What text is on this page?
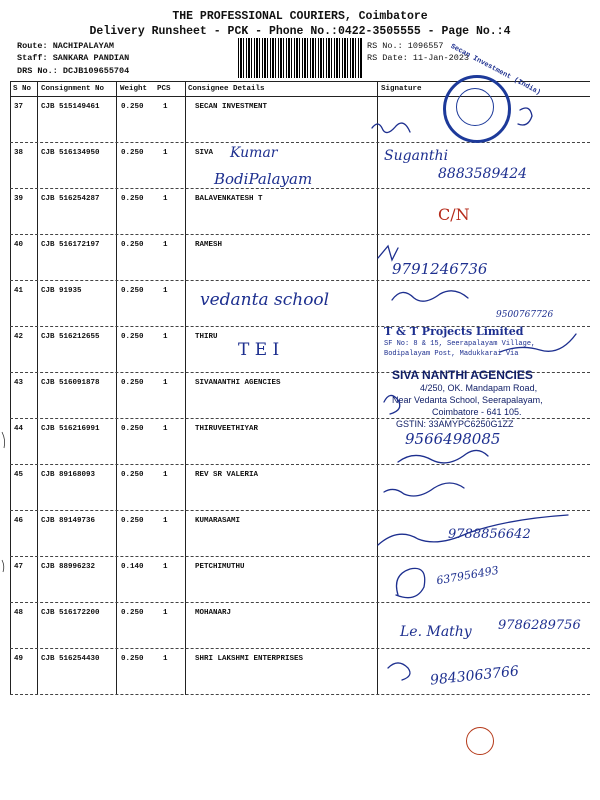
THE PROFESSIONAL COURIERS, Coimbatore
Delivery Runsheet - PCK - Phone No.:0422-3505555 - Page No.:4
Route: NACHIPALAYAM
Staff: SANKARA PANDIAN
DRS No.: DCJB109655704
RS No.: 1096557
RS Date: 11-Jan-2023
S No Consignment No Weight PCS Consignee Details	Signature
37 CJB 515149461	0.250	1	SECAN INVESTMENT
38 CJB 516134950	0.250	1	SIVA
39 CJB 516254287	0.250	1	BALAVENKATESH T
40 CJB 516172197	0.250	1	RAMESH
41 CJB 91935	0.250	1
42 CJB 516212655	0.250	1	THIRU
43 CJB 516091878	0.250	1	SIVANANTHI AGENCIES
44 CJB 516216991	0.250	1	THIRUVEETHIYAR
45 CJB 89168093	0.250	1	REV SR VALERIA
46 CJB 89149736	0.250	1	KUMARASAMI
47 CJB 88996232	0.140	1	PETCHIMUTHU
48 CJB 516172200	0.250	1	MOHANARJ
49 CJB 516254430	0.250	1	SHRI LAKSHMI ENTERPRISES
Secan Investment (India)
T & T Projects Limited
SF No: 8 & 15, Seerapalayam Village,
Bodipalayam Post, Madukkarai Via
SIVA NANTHI AGENCIES
4/250, OK. Mandapam Road,
Near Vedanta School, Seerapalayam,
Coimbatore - 641 105.
GSTIN: 33AMYPC6250G1ZZ
Kumar
BodiPalayam
Suganthi
8883589424
C/N
9791246736
vedanta school
9500767726
T E I
9566498085
9788856642
637956493
Le. Mathy 9786289756
9843063766
